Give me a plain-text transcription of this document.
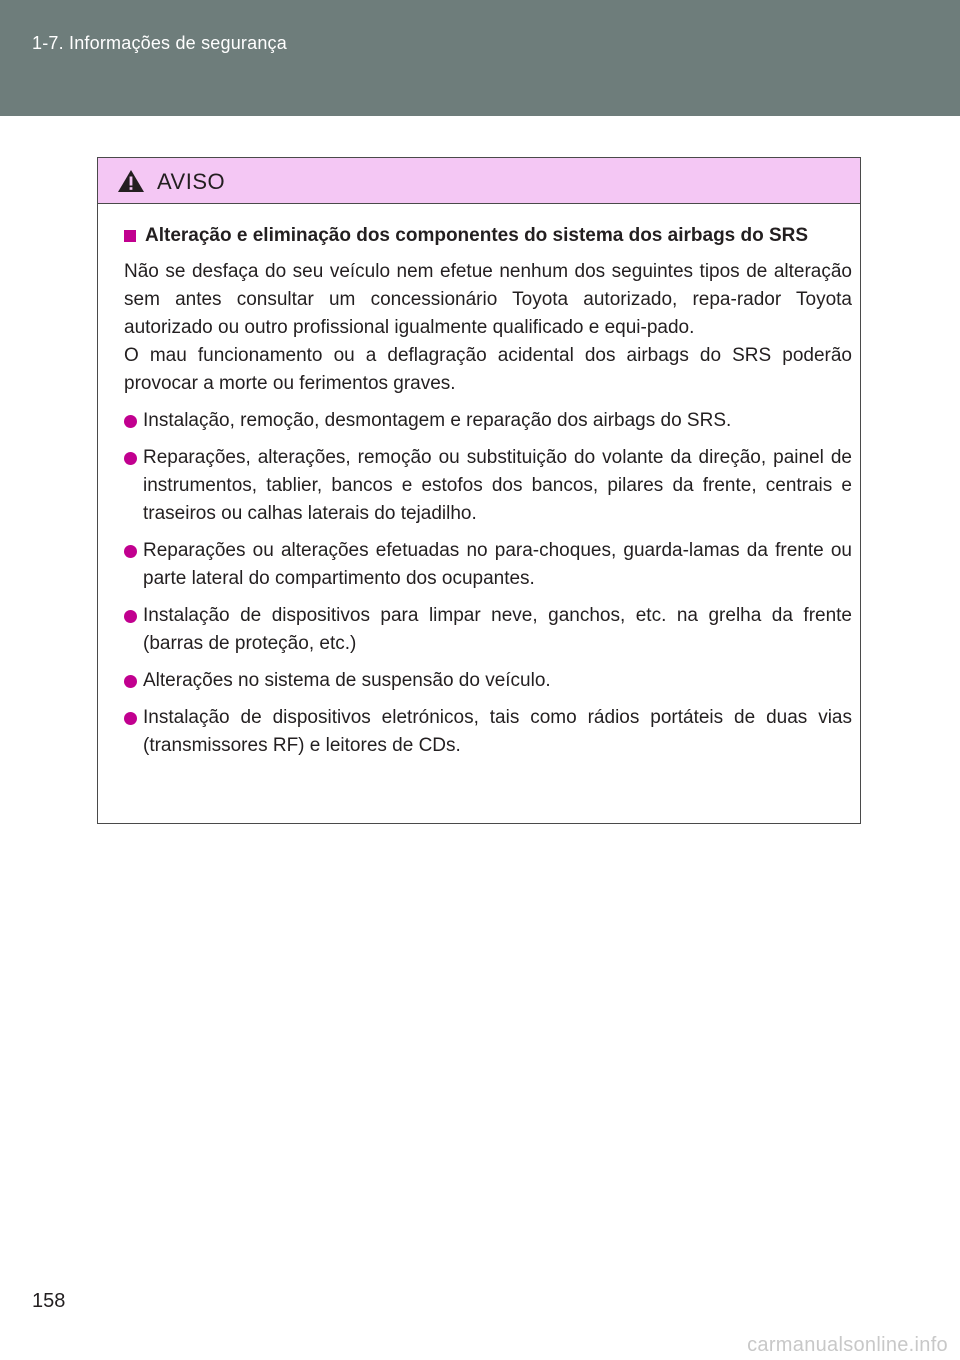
1-7. Informações de segurança
AVISO
Alteração e eliminação dos componentes do sistema dos airbags do SRS
Não se desfaça do seu veículo nem efetue nenhum dos seguintes tipos de alteração sem antes consultar um concessionário Toyota autorizado, repa-rador Toyota autorizado ou outro profissional igualmente qualificado e equi-pado.
O mau funcionamento ou a deflagração acidental dos airbags do SRS poderão provocar a morte ou ferimentos graves.
Instalação, remoção, desmontagem e reparação dos airbags do SRS.
Reparações, alterações, remoção ou substituição do volante da direção, painel de instrumentos, tablier, bancos e estofos dos bancos, pilares da frente, centrais e traseiros ou calhas laterais do tejadilho.
Reparações ou alterações efetuadas no para-choques, guarda-lamas da frente ou parte lateral do compartimento dos ocupantes.
Instalação de dispositivos para limpar neve, ganchos, etc. na grelha da frente (barras de proteção, etc.)
Alterações no sistema de suspensão do veículo.
Instalação de dispositivos eletrónicos, tais como rádios portáteis de duas vias (transmissores RF) e leitores de CDs.
158
carmanualsonline.info
